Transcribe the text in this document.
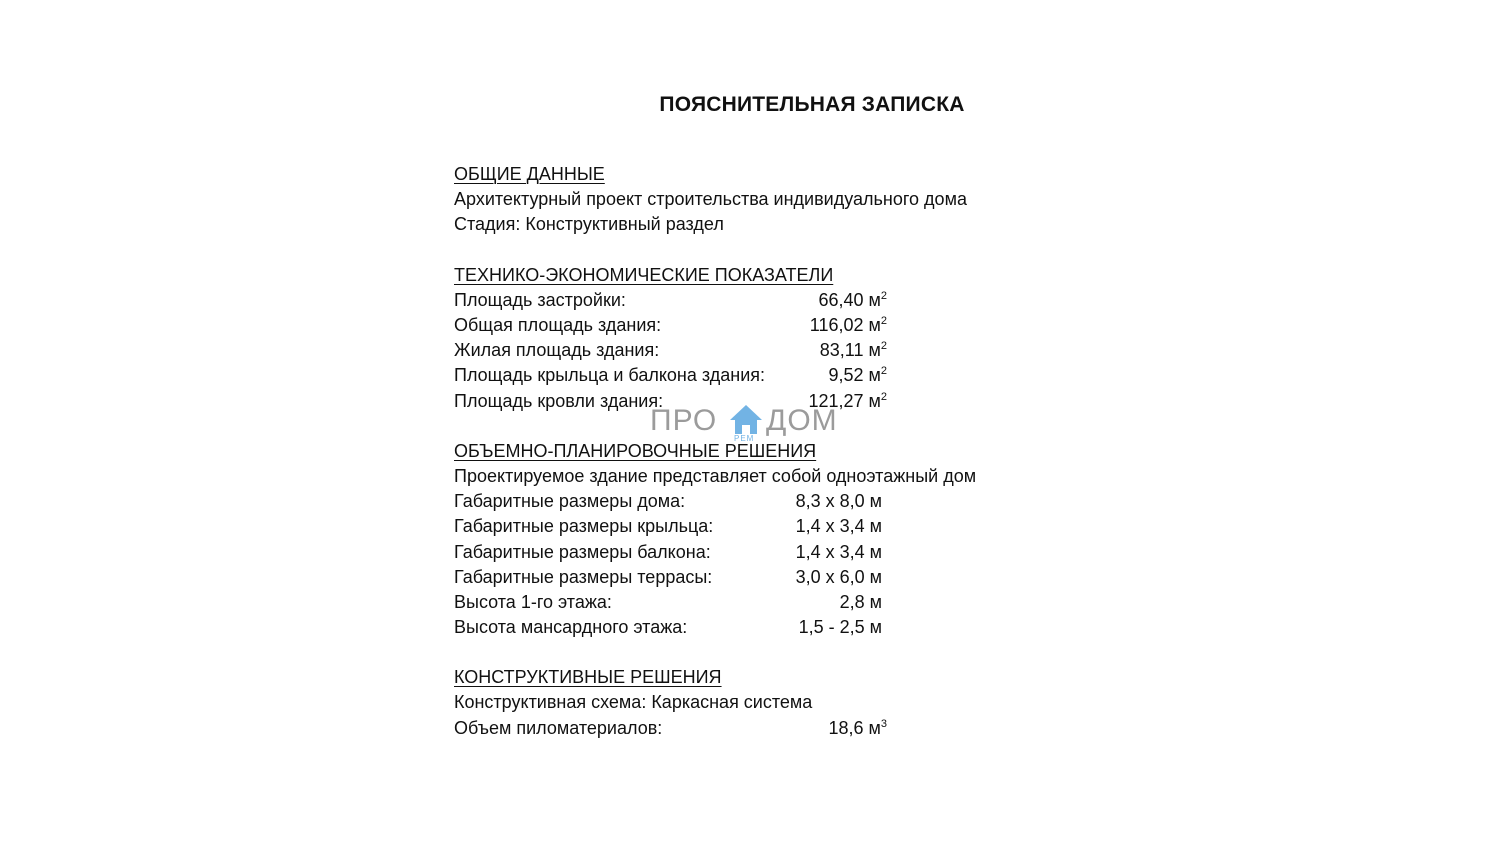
ПОЯСНИТЕЛЬНАЯ ЗАПИСКА
ОБЩИЕ ДАННЫЕ
Архитектурный проект строительства индивидуального дома
Стадия: Конструктивный раздел
ТЕХНИКО-ЭКОНОМИЧЕСКИЕ ПОКАЗАТЕЛИ
Площадь застройки:	66,40 $м^2$
Общая площадь здания:	116,02 $м^2$
Жилая площадь здания:	83,11 $м^2$
Площадь крыльца и балкона здания:	9,52 $м^2$
Площадь кровли здания:	121,27 $м^2$
ОБЪЕМНО-ПЛАНИРОВОЧНЫЕ РЕШЕНИЯ
Проектируемое здание представляет собой одноэтажный дом
Габаритные размеры дома:	8,3 х 8,0 м
Габаритные размеры крыльца:	1,4 х 3,4 м
Габаритные размеры балкона:	1,4 х 3,4 м
Габаритные размеры террасы:	3,0 х 6,0 м
Высота 1-го этажа:	2,8 м
Высота мансардного этажа:	1,5 - 2,5 м
КОНСТРУКТИВНЫЕ РЕШЕНИЯ
Конструктивная схема: Каркасная система
Объем пиломатериалов:	18,6 $м^3$
ПРО
РЕМ
ДОМ
